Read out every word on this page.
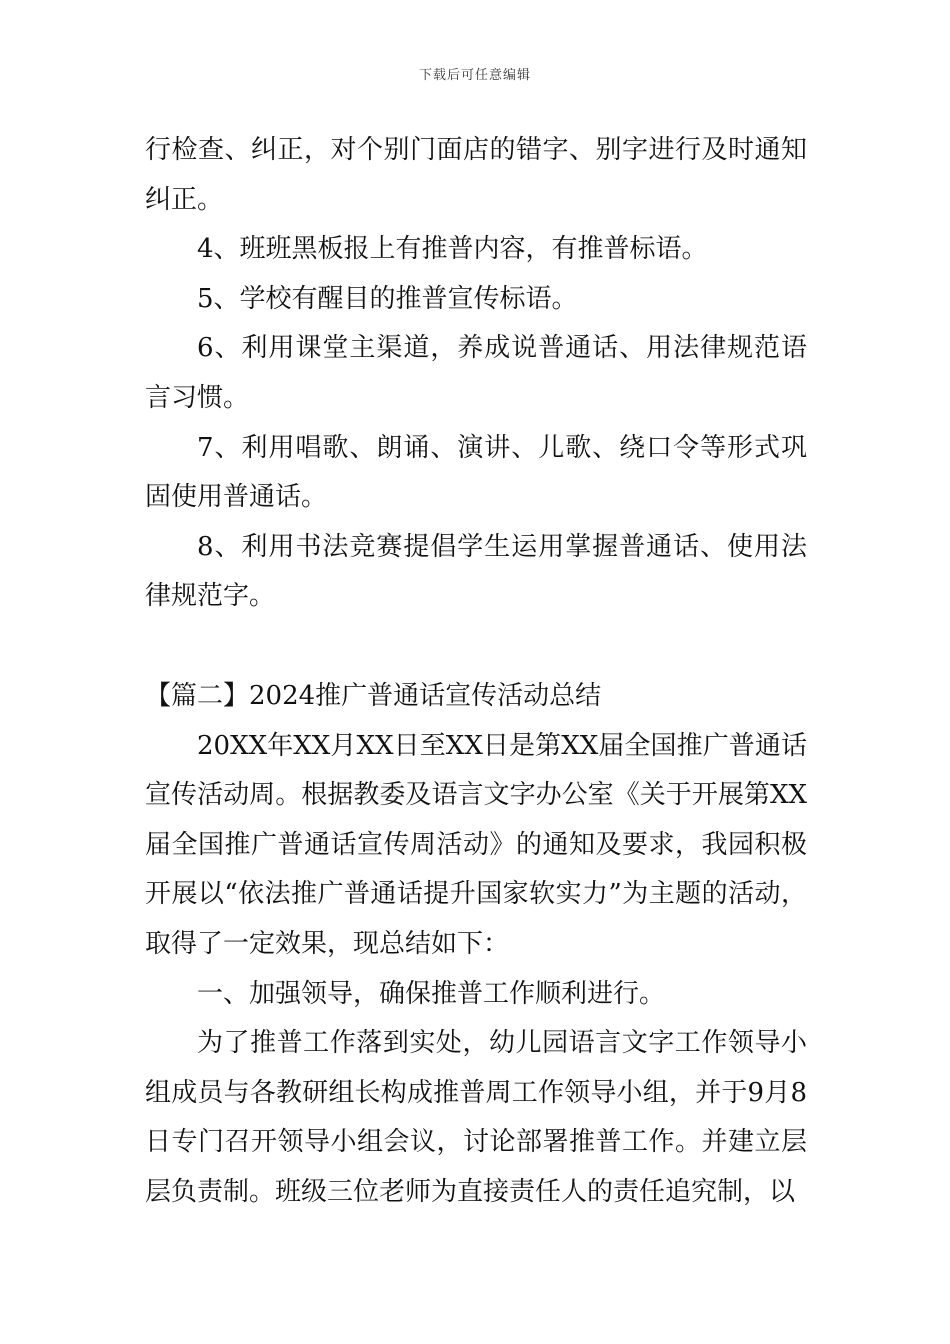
下载后可任意编辑

行检查、纠正，对个别门面店的错字、别字进行及时通知纠正。

4、班班黑板报上有推普内容，有推普标语。

5、学校有醒目的推普宣传标语。

6、利用课堂主渠道，养成说普通话、用法律规范语言习惯。

7、利用唱歌、朗诵、演讲、儿歌、绕口令等形式巩固使用普通话。

8、利用书法竞赛提倡学生运用掌握普通话、使用法律规范字。

【篇二】2024推广普通话宣传活动总结

20XX年XX月XX日至XX日是第XX届全国推广普通话宣传活动周。根据教委及语言文字办公室《关于开展第XX届全国推广普通话宣传周活动》的通知及要求，我园积极开展以“依法推广普通话提升国家软实力”为主题的活动，取得了一定效果，现总结如下：

一、加强领导，确保推普工作顺利进行。

为了推普工作落到实处，幼儿园语言文字工作领导小组成员与各教研组长构成推普周工作领导小组，并于9月8日专门召开领导小组会议，讨论部署推普工作。并建立层层负责制。班级三位老师为直接责任人的责任追究制，以
